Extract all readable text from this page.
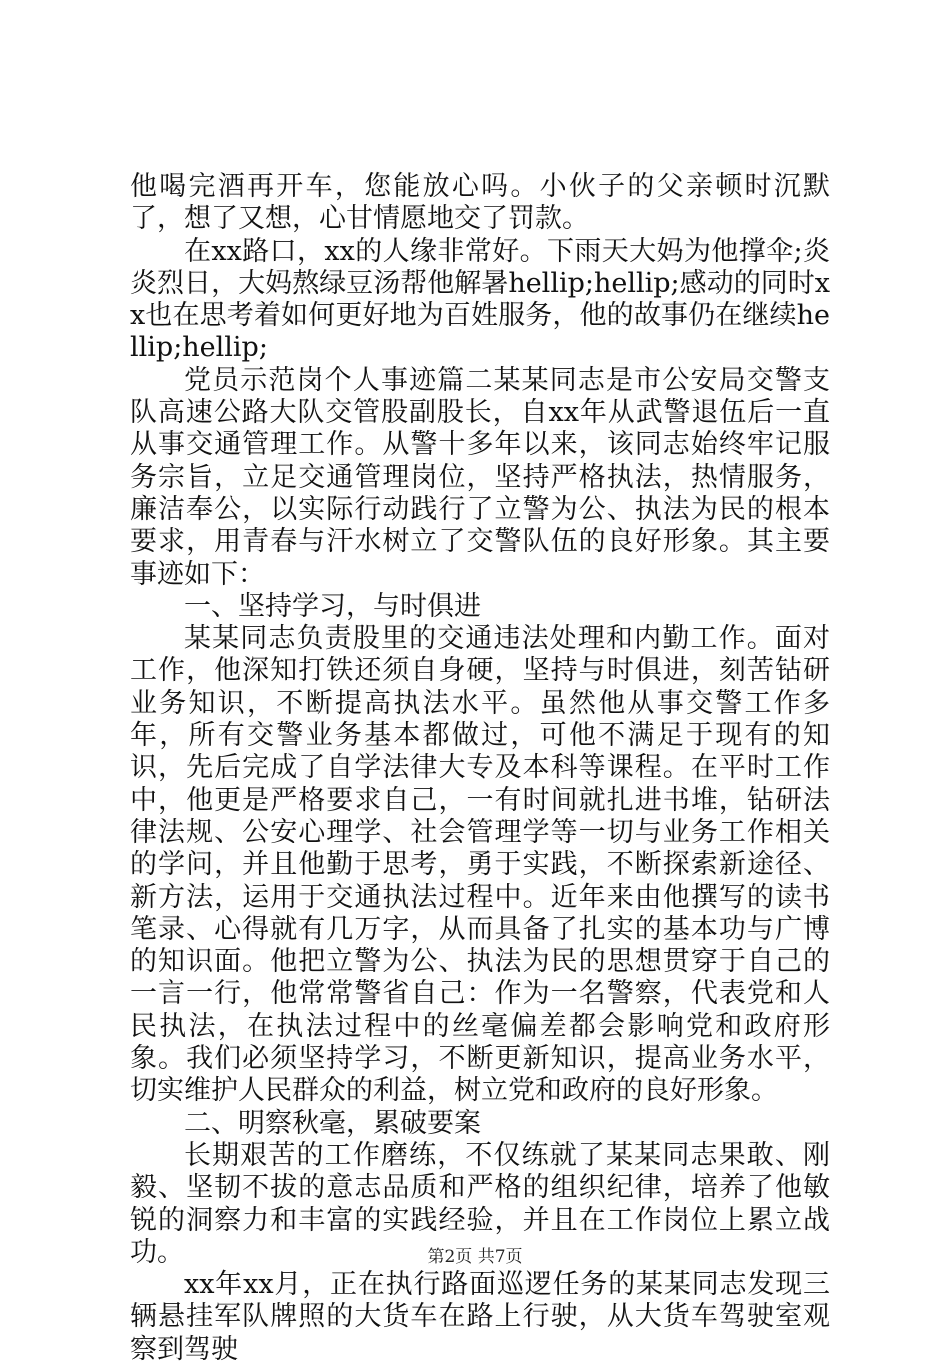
他喝完酒再开车，您能放心吗。小伙子的父亲顿时沉默了，想了又想，心甘情愿地交了罚款。

在xx路口，xx的人缘非常好。下雨天大妈为他撑伞;炎炎烈日，大妈熬绿豆汤帮他解暑hellip;hellip;感动的同时xx也在思考着如何更好地为百姓服务，他的故事仍在继续hellip;hellip;

党员示范岗个人事迹篇二某某同志是市公安局交警支队高速公路大队交管股副股长，自xx年从武警退伍后一直从事交通管理工作。从警十多年以来，该同志始终牢记服务宗旨，立足交通管理岗位，坚持严格执法，热情服务，廉洁奉公，以实际行动践行了立警为公、执法为民的根本要求，用青春与汗水树立了交警队伍的良好形象。其主要事迹如下：

一、坚持学习，与时俱进

某某同志负责股里的交通违法处理和内勤工作。面对工作，他深知打铁还须自身硬，坚持与时俱进，刻苦钻研业务知识，不断提高执法水平。虽然他从事交警工作多年，所有交警业务基本都做过，可他不满足于现有的知识，先后完成了自学法律大专及本科等课程。在平时工作中，他更是严格要求自己，一有时间就扎进书堆，钻研法律法规、公安心理学、社会管理学等一切与业务工作相关的学问，并且他勤于思考，勇于实践，不断探索新途径、新方法，运用于交通执法过程中。近年来由他撰写的读书笔录、心得就有几万字，从而具备了扎实的基本功与广博的知识面。他把立警为公、执法为民的思想贯穿于自己的一言一行，他常常警省自己：作为一名警察，代表党和人民执法，在执法过程中的丝毫偏差都会影响党和政府形象。我们必须坚持学习，不断更新知识，提高业务水平，切实维护人民群众的利益，树立党和政府的良好形象。

二、明察秋毫，累破要案

长期艰苦的工作磨练，不仅练就了某某同志果敢、刚毅、坚韧不拔的意志品质和严格的组织纪律，培养了他敏锐的洞察力和丰富的实践经验，并且在工作岗位上累立战功。

xx年xx月，正在执行路面巡逻任务的某某同志发现三辆悬挂军队牌照的大货车在路上行驶，从大货车驾驶室观察到驾驶

第2页 共7页
